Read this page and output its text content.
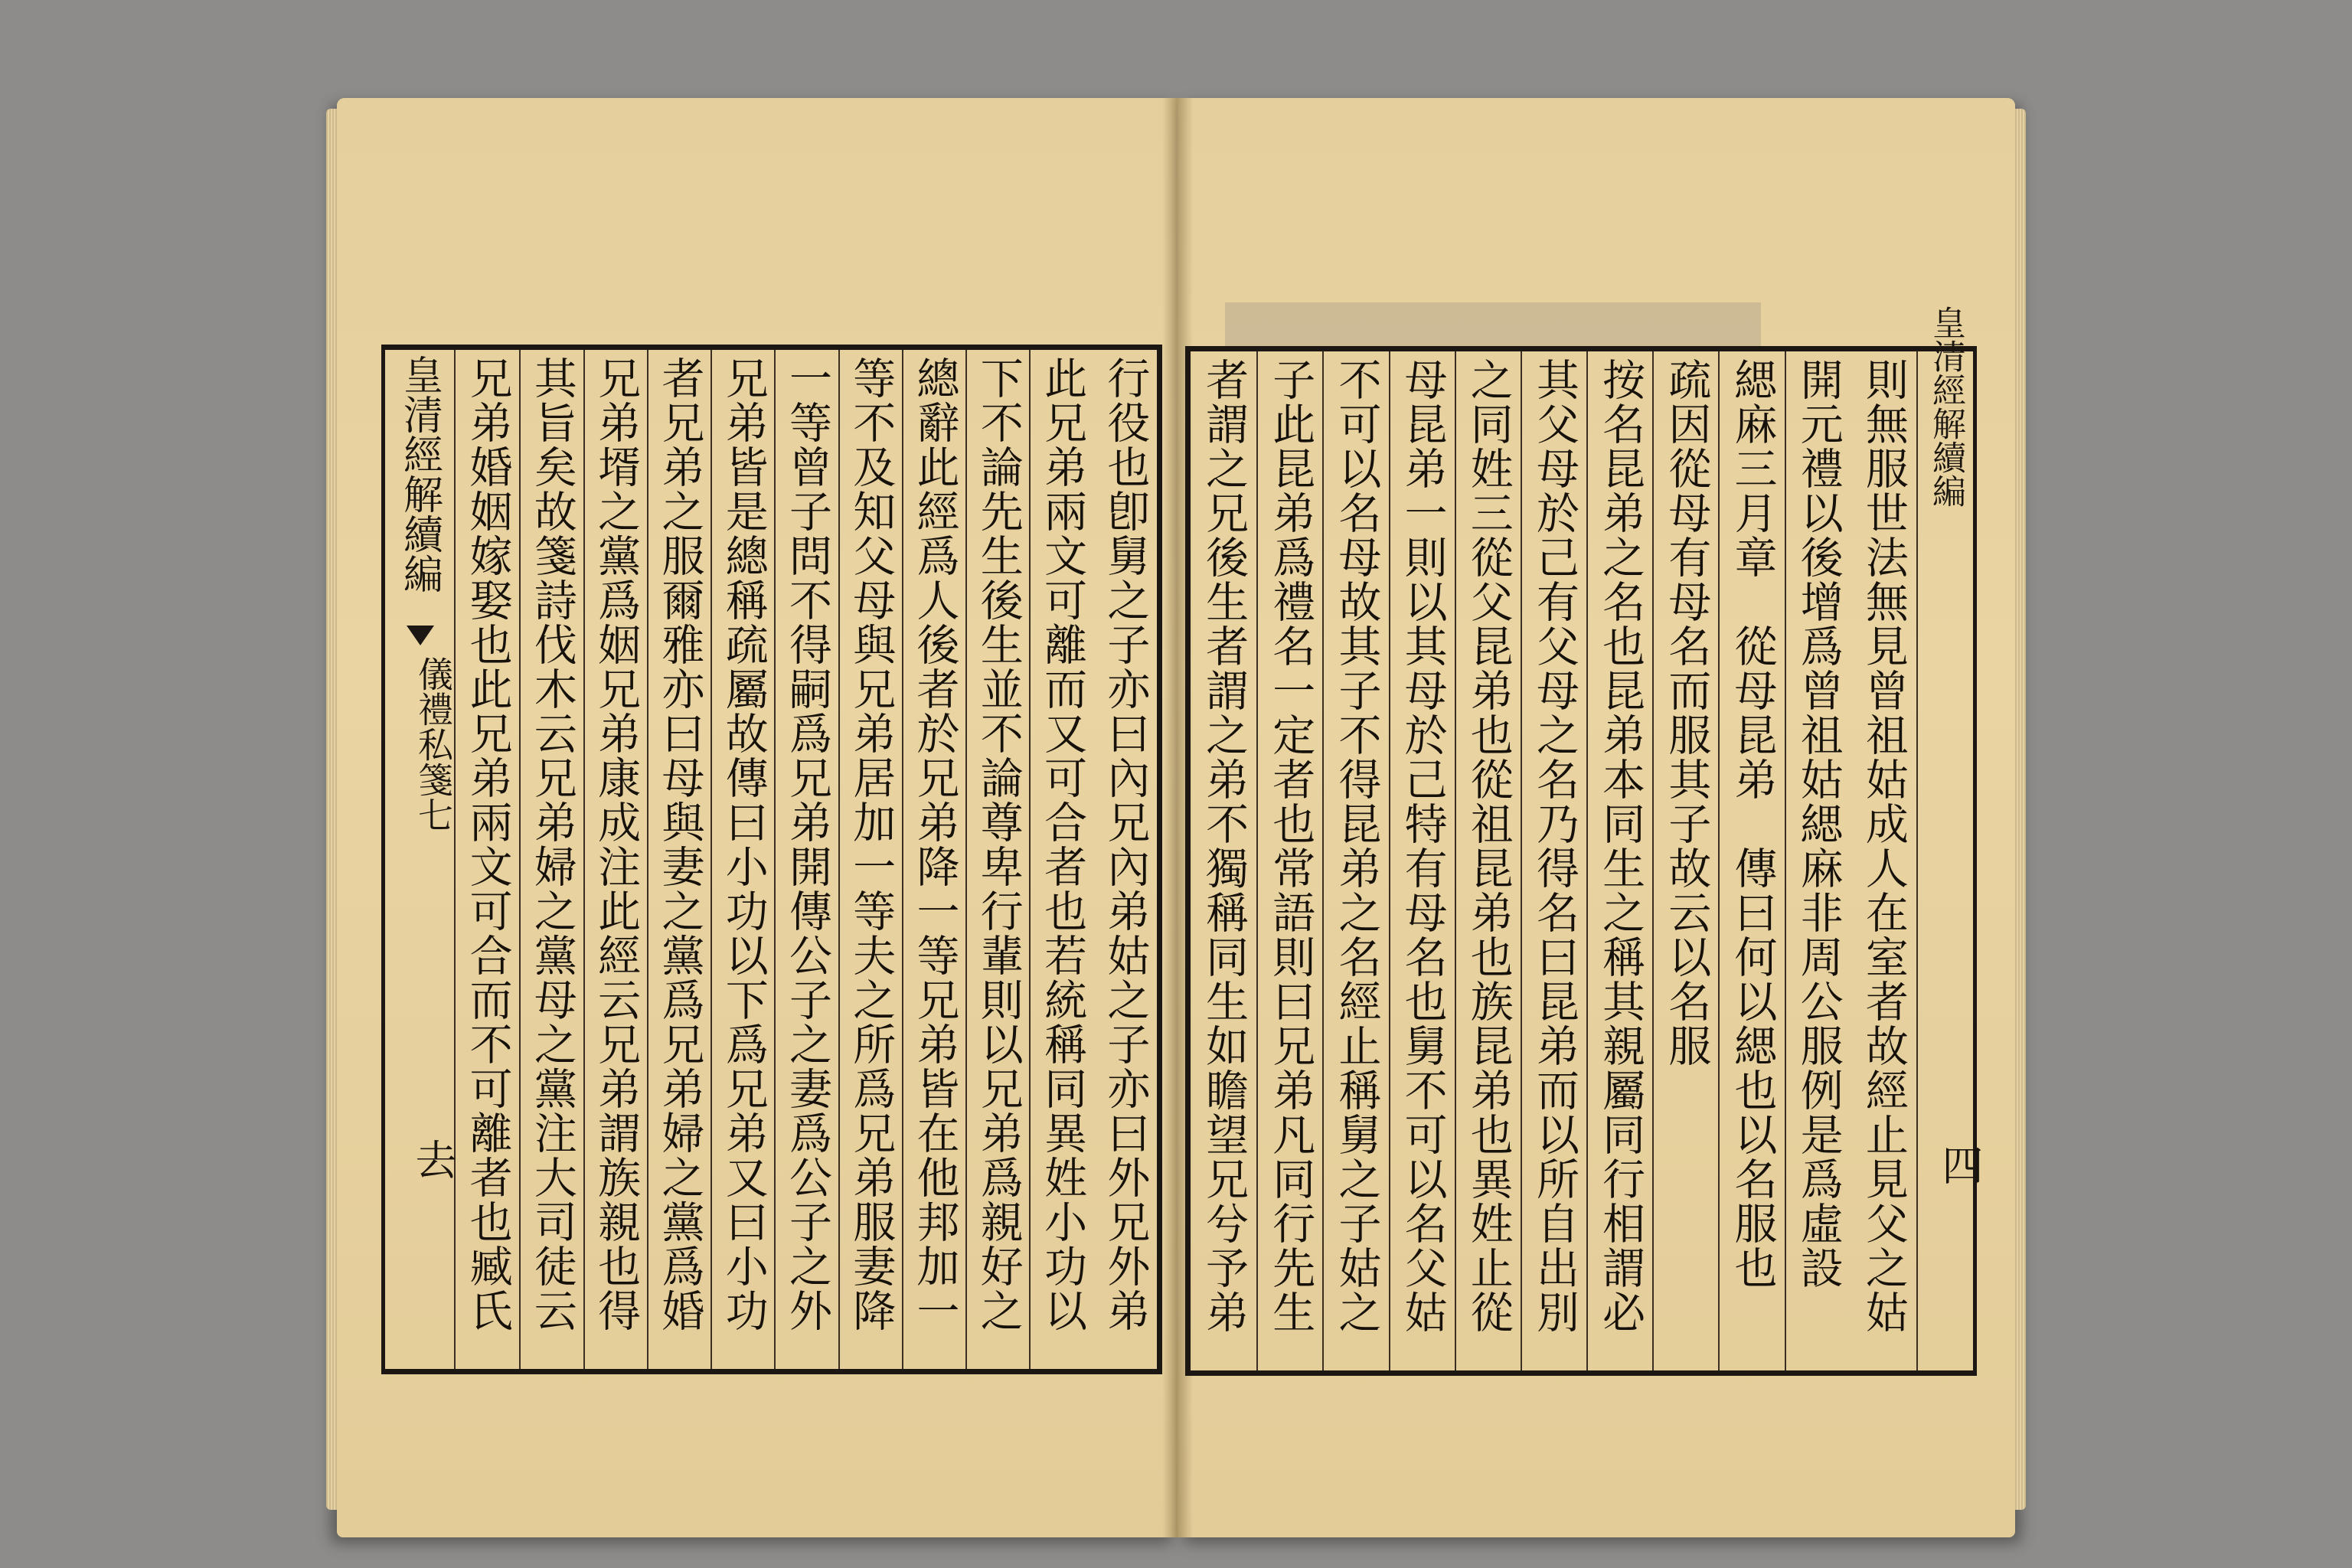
皇清經解續編
儀禮私箋七
去	行役也卽舅之子亦曰內兄內弟姑之子亦曰外兄外弟
此兄弟兩文可離而又可合者也若統稱同異姓小功以
下不論先生後生並不論尊卑行輩則以兄弟爲親好之
總辭此經爲人後者於兄弟降一等兄弟皆在他邦加一
等不及知父母與兄弟居加一等夫之所爲兄弟服妻降
一等曾子問不得嗣爲兄弟開傳公子之妻爲公子之外
兄弟皆是總稱疏屬故傳曰小功以下爲兄弟又曰小功
者兄弟之服爾雅亦曰母與妻之黨爲兄弟婦之黨爲婚
兄弟壻之黨爲姻兄弟康成注此經云兄弟謂族親也得
其旨矣故箋詩伐木云兄弟婦之黨母之黨注大司徒云
兄弟婚姻嫁娶也此兄弟兩文可合而不可離者也臧氏	則無服世法無見曾祖姑成人在室者故經止見父之姑
開元禮以後增爲曾祖姑緦麻非周公服例是爲虛設
緦麻三月章　從母昆弟　傳曰何以緦也以名服也
疏因從母有母名而服其子故云以名服
按名昆弟之名也昆弟本同生之稱其親屬同行相謂必
其父母於己有父母之名乃得名曰昆弟而以所自出別
之同姓三從父昆弟也從祖昆弟也族昆弟也異姓止從
母昆弟一則以其母於己特有母名也舅不可以名父姑
不可以名母故其子不得昆弟之名經止稱舅之子姑之
子此昆弟爲禮名一定者也常語則曰兄弟凡同行先生
者謂之兄後生者謂之弟不獨稱同生如瞻望兄兮予弟	皇清經解續編
四
